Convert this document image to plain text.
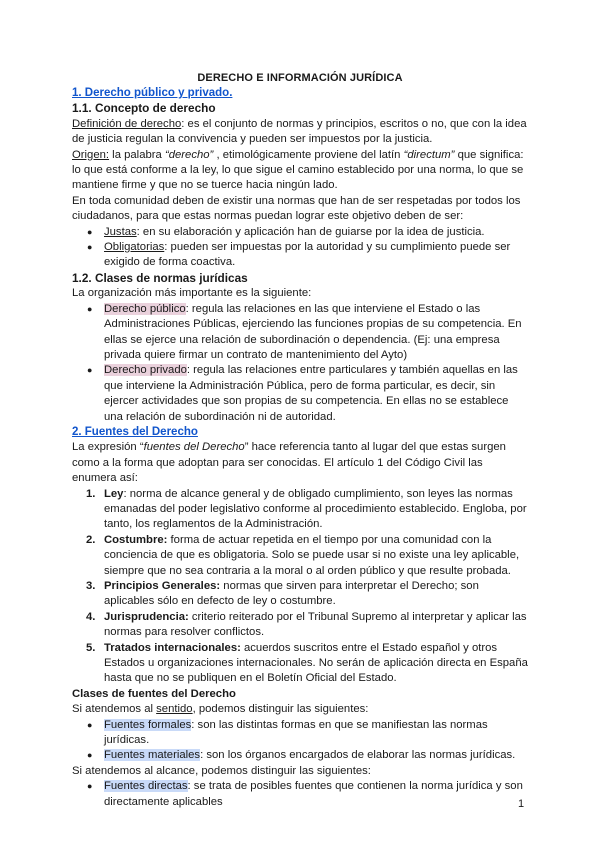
DERECHO E INFORMACIÓN JURÍDICA
1. Derecho público y privado.
1.1. Concepto de derecho

Definición de derecho: es el conjunto de normas y principios, escritos o no, que con la idea de justicia regulan la convivencia y pueden ser impuestos por la justicia.

Origen: la palabra “derecho” , etimológicamente proviene del latín “directum” que significa: lo que está conforme a la ley, lo que sigue el camino establecido por una norma, lo que se mantiene firme y que no se tuerce hacia ningún lado.

En toda comunidad deben de existir una normas que han de ser respetadas por todos los ciudadanos, para que estas normas puedan lograr este objetivo deben de ser:

● Justas: en su elaboración y aplicación han de guiarse por la idea de justicia.
● Obligatorias: pueden ser impuestas por la autoridad y su cumplimiento puede ser exigido de forma coactiva.
1.2. Clases de normas jurídicas

La organización más importante es la siguiente:

● Derecho público: regula las relaciones en las que interviene el Estado o las Administraciones Públicas, ejerciendo las funciones propias de su competencia. En ellas se ejerce una relación de subordinación o dependencia. (Ej: una empresa privada quiere firmar un contrato de mantenimiento del Ayto)
● Derecho privado: regula las relaciones entre particulares y también aquellas en las que interviene la Administración Pública, pero de forma particular, es decir, sin ejercer actividades que son propias de su competencia. En ellas no se establece una relación de subordinación ni de autoridad.
2. Fuentes del Derecho

La expresión “fuentes del Derecho” hace referencia tanto al lugar del que estas surgen como a la forma que adoptan para ser conocidas. El artículo 1 del Código Civil las enumera así:

1. Ley: norma de alcance general y de obligado cumplimiento, son leyes las normas emanadas del poder legislativo conforme al procedimiento establecido. Engloba, por tanto, los reglamentos de la Administración.
2. Costumbre: forma de actuar repetida en el tiempo por una comunidad con la conciencia de que es obligatoria. Solo se puede usar si no existe una ley aplicable, siempre que no sea contraria a la moral o al orden público y que resulte probada.
3. Principios Generales: normas que sirven para interpretar el Derecho; son aplicables sólo en defecto de ley o costumbre.
4. Jurisprudencia: criterio reiterado por el Tribunal Supremo al interpretar y aplicar las normas para resolver conflictos.
5. Tratados internacionales: acuerdos suscritos entre el Estado español y otros Estados u organizaciones internacionales. No serán de aplicación directa en España hasta que no se publiquen en el Boletín Oficial del Estado.
Clases de fuentes del Derecho

Si atendemos al sentido, podemos distinguir las siguientes:

● Fuentes formales: son las distintas formas en que se manifiestan las normas jurídicas.
● Fuentes materiales: son los órganos encargados de elaborar las normas jurídicas.

Si atendemos al alcance, podemos distinguir las siguientes:

● Fuentes directas: se trata de posibles fuentes que contienen la norma jurídica y son directamente aplicables	1
